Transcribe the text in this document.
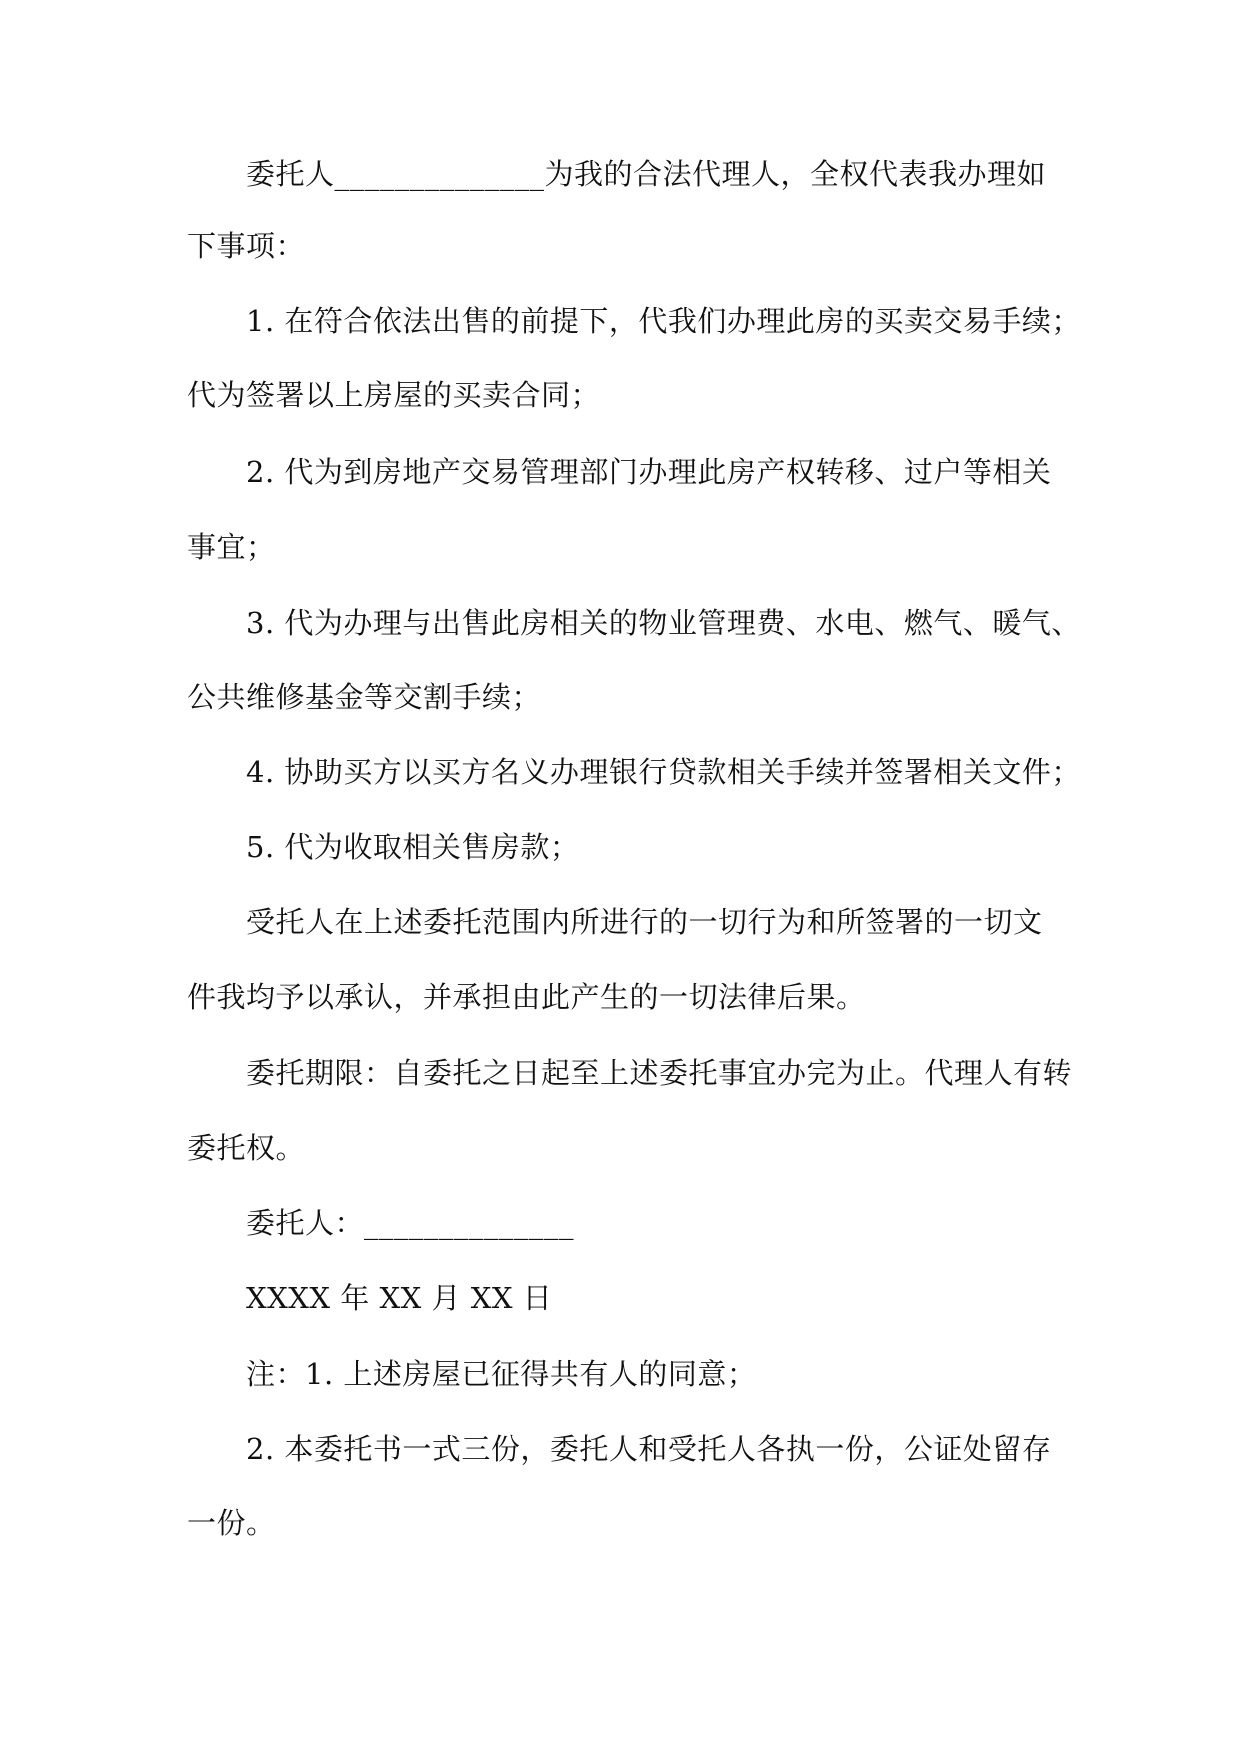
委托人______________为我的合法代理人，全权代表我办理如
下事项：
1. 在符合依法出售的前提下，代我们办理此房的买卖交易手续；
代为签署以上房屋的买卖合同；
2. 代为到房地产交易管理部门办理此房产权转移、过户等相关
事宜；
3. 代为办理与出售此房相关的物业管理费、水电、燃气、暖气、
公共维修基金等交割手续；
4. 协助买方以买方名义办理银行贷款相关手续并签署相关文件；
5. 代为收取相关售房款；
受托人在上述委托范围内所进行的一切行为和所签署的一切文
件我均予以承认，并承担由此产生的一切法律后果。
委托期限：自委托之日起至上述委托事宜办完为止。代理人有转
委托权。
委托人：______________
XXXX 年 XX 月 XX 日
注：1. 上述房屋已征得共有人的同意；
2. 本委托书一式三份，委托人和受托人各执一份，公证处留存
一份。
